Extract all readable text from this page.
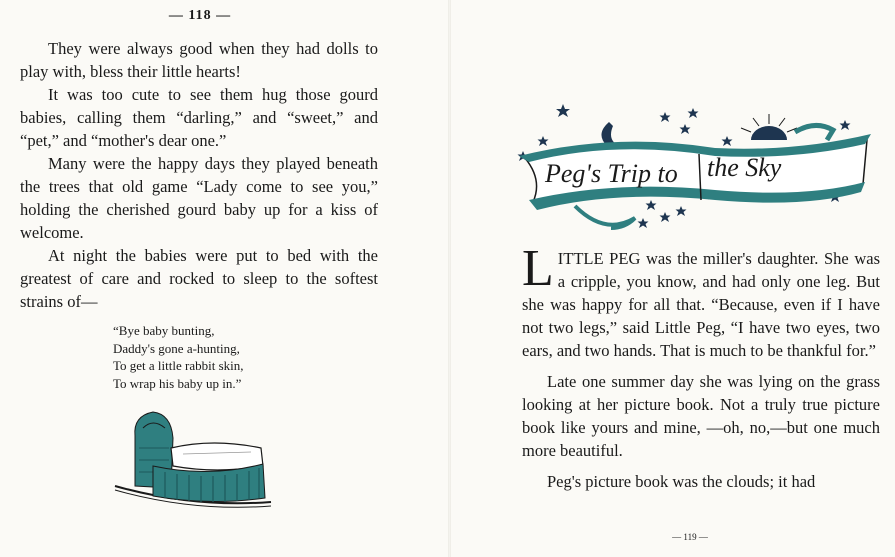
— 118 —

They were always good when they had dolls to play with, bless their little hearts!

It was too cute to see them hug those gourd babies, calling them “darling,” and “sweet,” and “pet,” and “mother's dear one.”

Many were the happy days they played beneath the trees that old game “Lady come to see you,” holding the cherished gourd baby up for a kiss of welcome.

At night the babies were put to bed with the greatest of care and rocked to sleep to the softest strains of—

“Bye baby bunting,
Daddy's gone a-hunting,
To get a little rabbit skin,
To wrap his baby up in.”
Peg's Trip to the Sky

LITTLE PEG was the miller's daughter. She was a cripple, you know, and had only one leg. But she was happy for all that. “Because, even if I have not two legs,” said Little Peg, “I have two eyes, two ears, and two hands. That is much to be thankful for.”

Late one summer day she was lying on the grass looking at her picture book. Not a truly true picture book like yours and mine, —oh, no,—but one much more beautiful.

Peg's picture book was the clouds; it had

— 119 —
